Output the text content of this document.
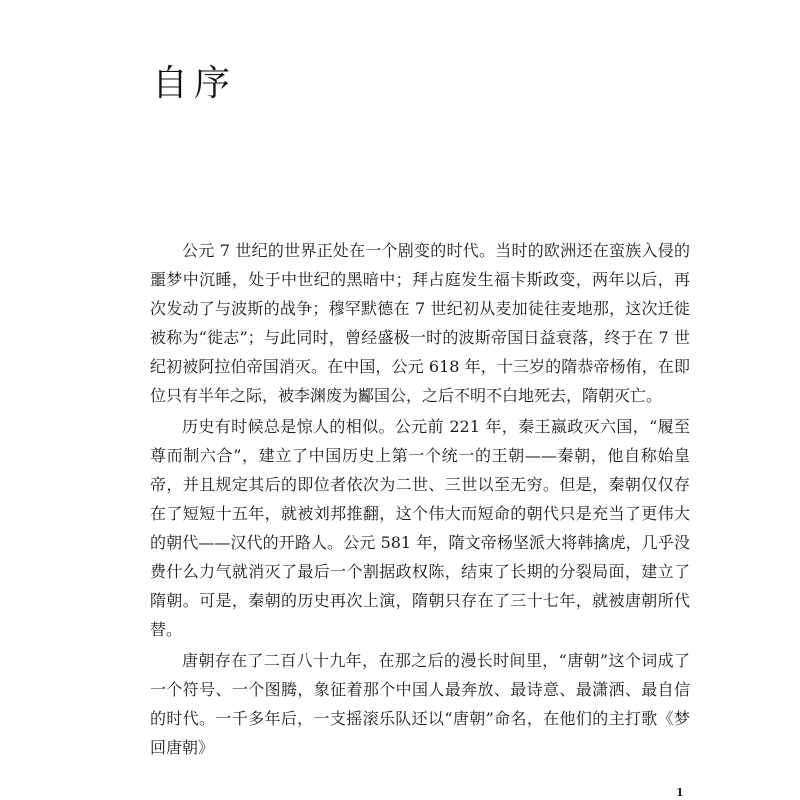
自序

公元 7 世纪的世界正处在一个剧变的时代。当时的欧洲还在蛮族入侵的噩梦中沉睡，处于中世纪的黑暗中；拜占庭发生福卡斯政变，两年以后，再次发动了与波斯的战争；穆罕默德在 7 世纪初从麦加徒往麦地那，这次迁徙被称为“徙志”；与此同时，曾经盛极一时的波斯帝国日益衰落，终于在 7 世纪初被阿拉伯帝国消灭。在中国，公元 618 年，十三岁的隋恭帝杨侑，在即位只有半年之际，被李渊废为酅国公，之后不明不白地死去，隋朝灭亡。

历史有时候总是惊人的相似。公元前 221 年，秦王嬴政灭六国，“履至尊而制六合”，建立了中国历史上第一个统一的王朝——秦朝，他自称始皇帝，并且规定其后的即位者依次为二世、三世以至无穷。但是，秦朝仅仅存在了短短十五年，就被刘邦推翻，这个伟大而短命的朝代只是充当了更伟大的朝代——汉代的开路人。公元 581 年，隋文帝杨坚派大将韩擒虎，几乎没费什么力气就消灭了最后一个割据政权陈，结束了长期的分裂局面，建立了隋朝。可是，秦朝的历史再次上演，隋朝只存在了三十七年，就被唐朝所代替。

唐朝存在了二百八十九年，在那之后的漫长时间里，“唐朝”这个词成了一个符号、一个图腾，象征着那个中国人最奔放、最诗意、最潇洒、最自信的时代。一千多年后，一支摇滚乐队还以“唐朝”命名，在他们的主打歌《梦回唐朝》

1
